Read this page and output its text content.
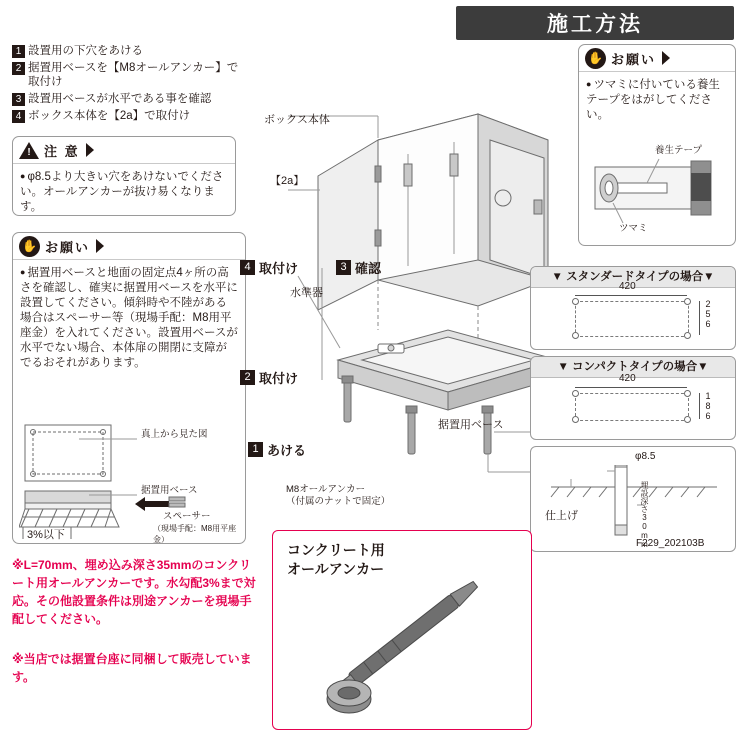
施工方法
1 設置用の下穴をあける
2 据置用ベースを【M8オールアンカー】で取付け
3 設置用ベースが水平である事を確認
4 ボックス本体を【2a】で取付け
!
注 意
● φ8.5より大きい穴をあけないでください。オールアンカーが抜け易くなります。
✋ お願い
● 据置用ベースと地面の固定点4ヶ所の高さを確認し、確実に据置用ベースを水平に設置してください。傾斜時や不陸がある場合はスペーサー等（現場手配：M8用平座金）を入れてください。設置用ベースが水平でない場合、本体扉の開閉に支障がでるおそれがあります。
真上から見た図
据置用ベース
スペーサー
（現場手配：M8用平座金）
3%以下
✋ お願い
● ツマミに付いている養生テープをはがしてください。
養生テープ
ツマミ
ボックス本体
【2a】
4 取付け	3 確認
水準器
2 取付け
1 あける
据置用ベース
M8オールアンカー
（付属のナットで固定）
▼ スタンダードタイプの場合▼
420
256
▼ コンパクトタイプの場合▼
420
186
φ8.5
仕上げ	埋設深さ30mm
F229_202103B
コンクリート用
オールアンカー
※L=70mm、埋め込み深さ35mmのコンクリート用オールアンカーです。水勾配3%まで対応。その他設置条件は別途アンカーを現場手配してください。
※当店では据置台座に同梱して販売しています。
